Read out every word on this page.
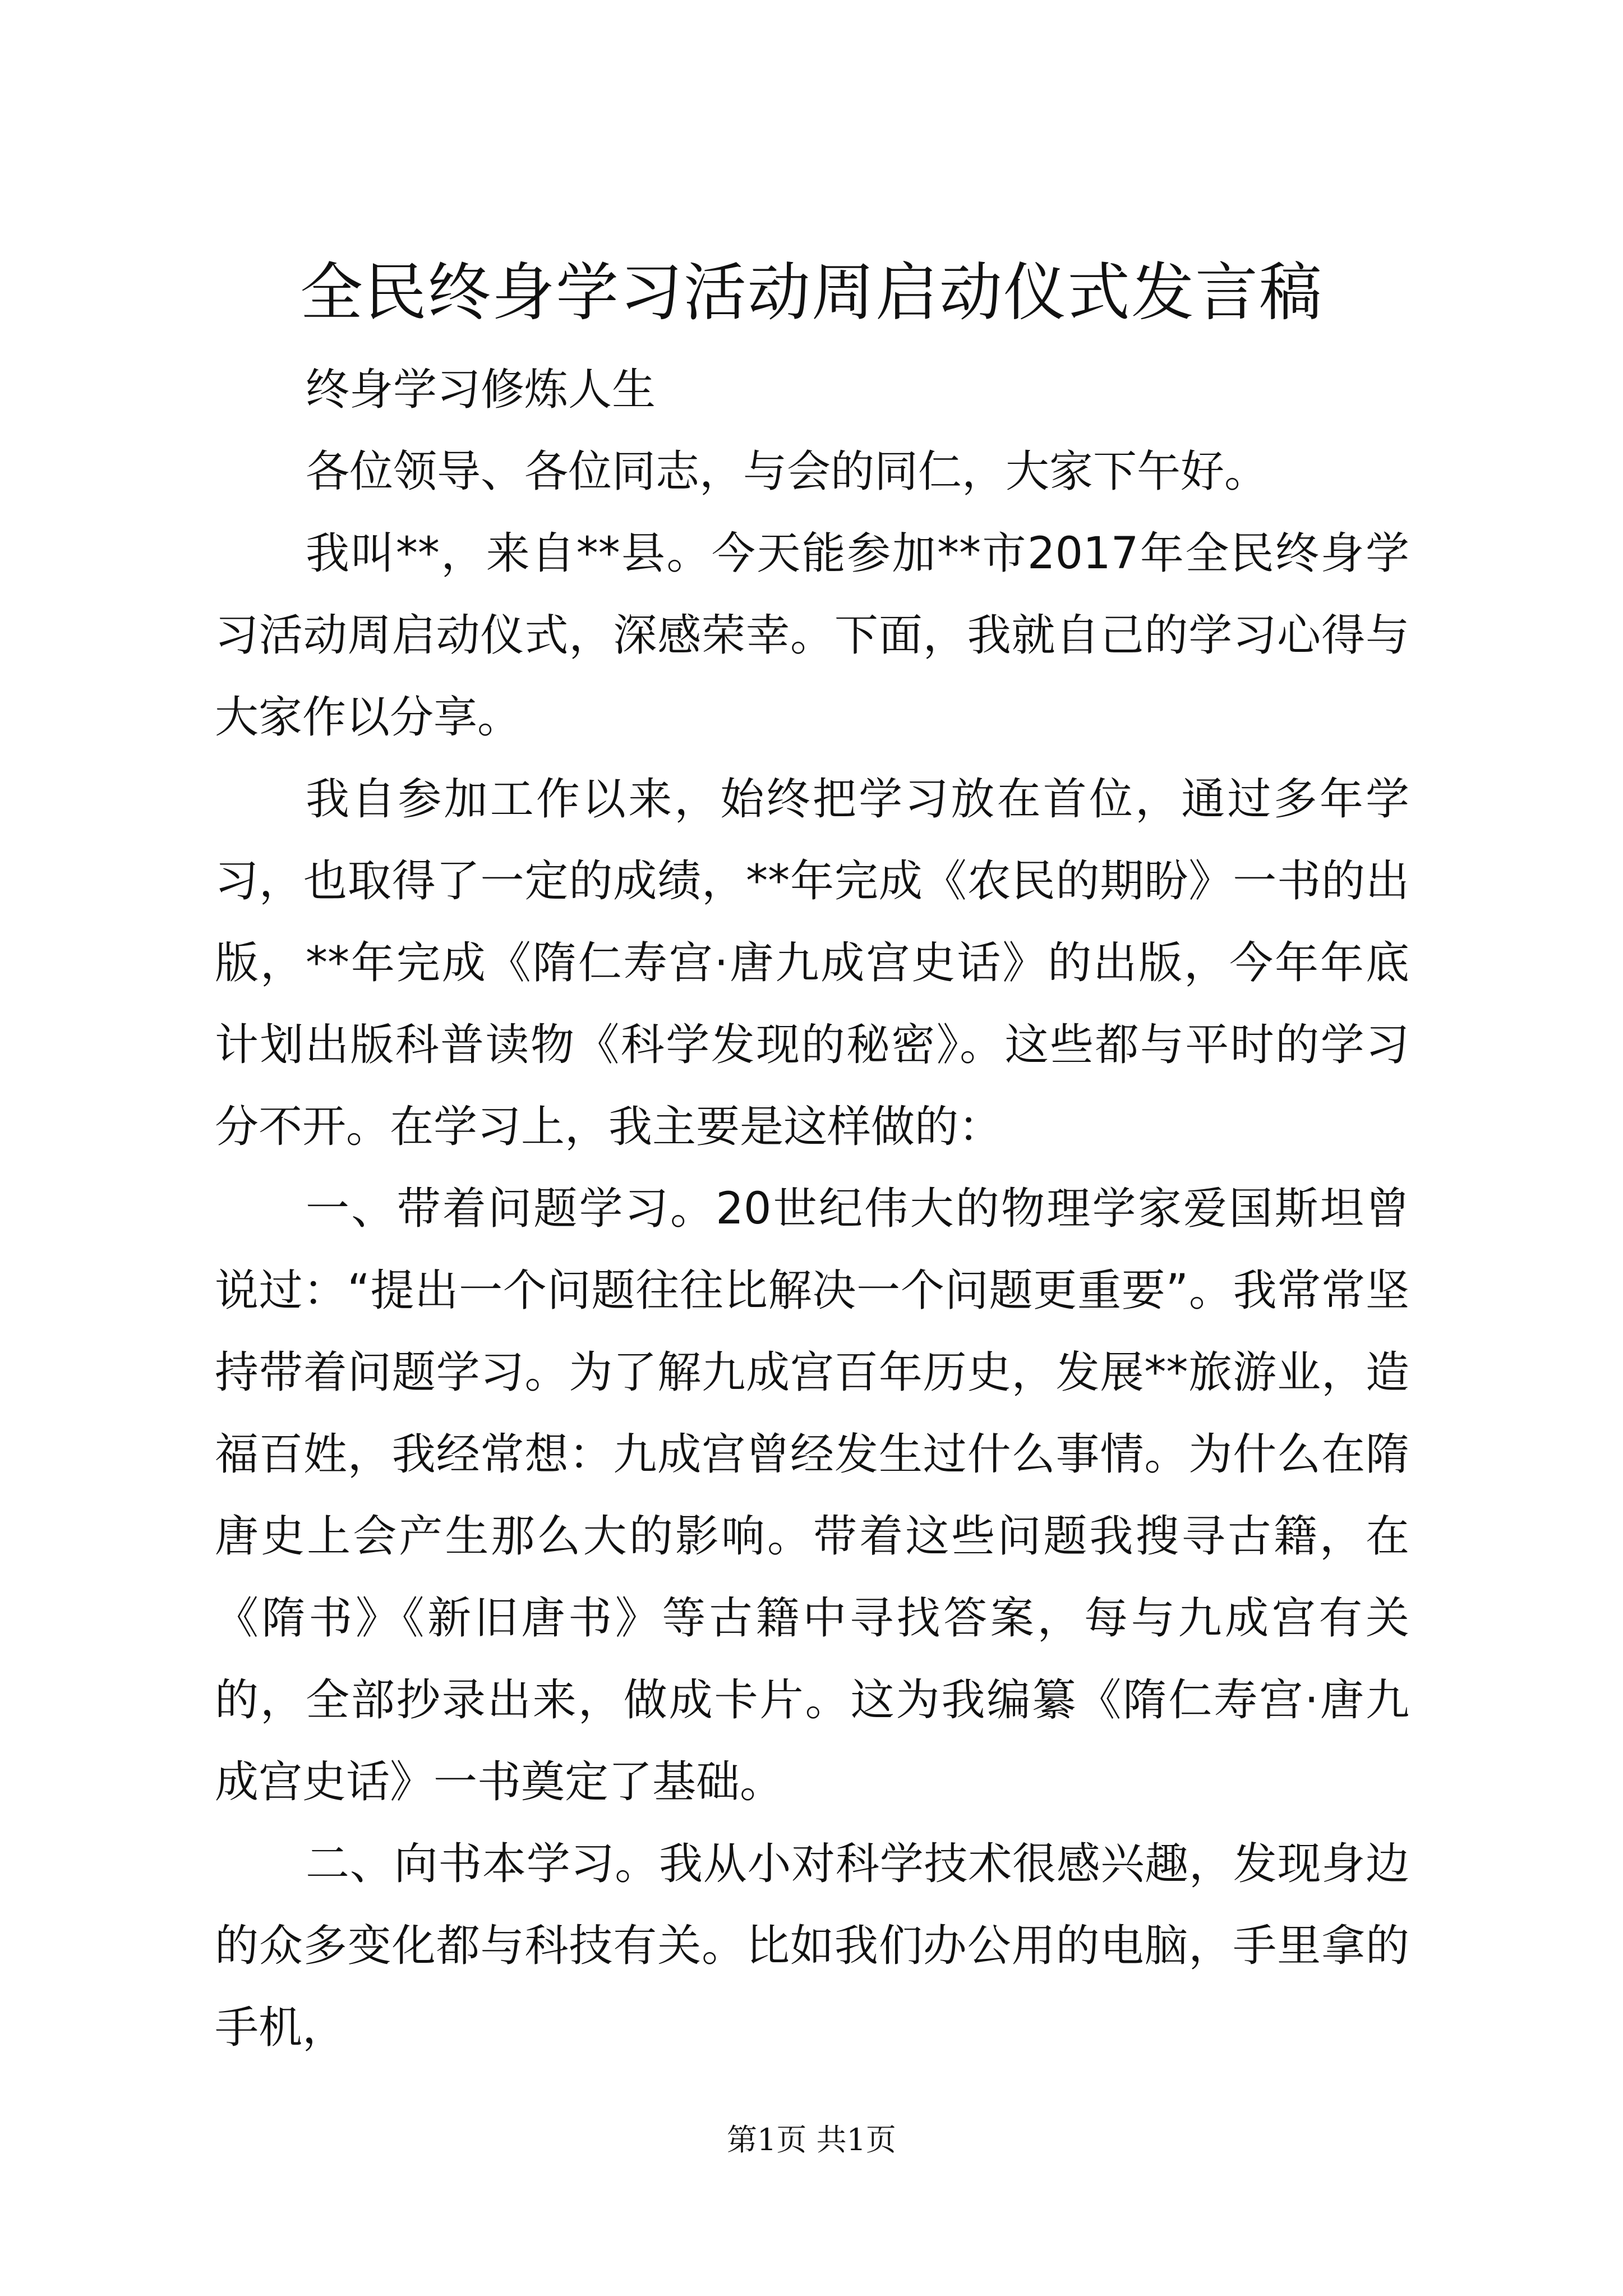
全民终身学习活动周启动仪式发言稿

终身学习修炼人生

各位领导、各位同志，与会的同仁，大家下午好。

我叫**，来自**县。今天能参加**市2017年全民终身学习活动周启动仪式，深感荣幸。下面，我就自己的学习心得与大家作以分享。

我自参加工作以来，始终把学习放在首位，通过多年学习，也取得了一定的成绩，**年完成《农民的期盼》一书的出版，**年完成《隋仁寿宫·唐九成宫史话》的出版，今年年底计划出版科普读物《科学发现的秘密》。这些都与平时的学习分不开。在学习上，我主要是这样做的：

一、带着问题学习。20世纪伟大的物理学家爱国斯坦曾说过：“提出一个问题往往比解决一个问题更重要”。我常常坚持带着问题学习。为了解九成宫百年历史，发展**旅游业，造福百姓，我经常想：九成宫曾经发生过什么事情。为什么在隋唐史上会产生那么大的影响。带着这些问题我搜寻古籍，在《隋书》《新旧唐书》等古籍中寻找答案，每与九成宫有关的，全部抄录出来，做成卡片。这为我编纂《隋仁寿宫·唐九成宫史话》一书奠定了基础。

二、向书本学习。我从小对科学技术很感兴趣，发现身边的众多变化都与科技有关。比如我们办公用的电脑，手里拿的手机，

第1页 共1页
